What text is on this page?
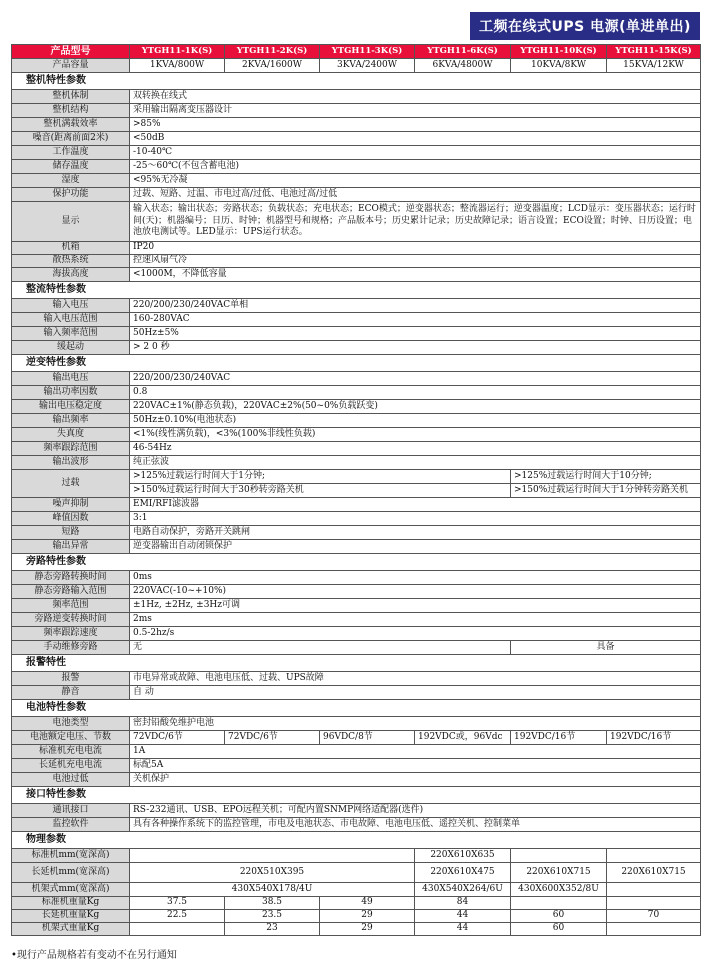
工频在线式UPS 电源(单进单出)
产品型号	YTGH11-1K(S)	YTGH11-2K(S)	YTGH11-3K(S)	YTGH11-6K(S)	YTGH11-10K(S)	YTGH11-15K(S)
产品容量	1KVA/800W	2KVA/1600W	3KVA/2400W	6KVA/4800W	10KVA/8KW	15KVA/12KW
整机特性参数						
整机体制	双转换在线式					
整机结构	采用输出隔离变压器设计					
整机满载效率	>85%					
噪音(距离前面2米)	<50dB					
工作温度	-10-40℃					
储存温度	-25～60℃(不包含蓄电池)					
湿度	<95%无冷凝					
保护功能	过载、短路、过温、市电过高/过低、电池过高/过低					
显示	输入状态；输出状态；旁路状态；负载状态；充电状态；ECO模式；逆变器状态；整流器运行；逆变器温度；LCD显示：变压器状态；运行时间(天)；机器编号；日历、时钟；机器型号和规格；产品版本号；历史累计记录；历史故障记录；语言设置；ECO设置；时钟、日历设置；电池放电测试等。LED显示：UPS运行状态。					
机箱	IP20					
散热系统	控速风扇气冷					
海拔高度	<1000M，不降低容量					
整流特性参数						
输入电压	220/200/230/240VAC单相					
输入电压范围	160-280VAC					
输入频率范围	50Hz±5%					
缓起动	> 2 0 秒					
逆变特性参数						
输出电压	220/200/230/240VAC					
输出功率因数	0.8					
输出电压稳定度	220VAC±1%(静态负载)，220VAC±2%(50~0%负载跃变)					
输出频率	50Hz±0.10%(电池状态)					
失真度	<1%(线性满负载)，<3%(100%非线性负载)					
频率跟踪范围	46-54Hz					
输出波形	纯正弦波					
过载	>125%过载运行时间大于1分钟;				>125%过载运行时间大于10分钟;	
	>150%过载运行时间大于30秒转旁路关机				>150%过载运行时间大于1分钟转旁路关机	
噪声抑制	EMI/RFI滤波器					
峰值因数	3:1					
短路	电路自动保护，旁路开关跳闸					
输出异常	逆变器输出自动闭锁保护					
旁路特性参数						
静态旁路转换时间	0ms					
静态旁路输入范围	220VAC(-10~+10%)					
频率范围	±1Hz, ±2Hz, ±3Hz可调					
旁路逆变转换时间	2ms					
频率跟踪速度	0.5-2hz/s					
手动维修旁路	无				具备	
报警特性						
报警	市电异常或故障、电池电压低、过载、UPS故障					
静音	自 动					
电池特性参数						
电池类型	密封铅酸免维护电池					
电池额定电压、节数	72VDC/6节	72VDC/6节	96VDC/8节	192VDC或，96Vdc	192VDC/16节	192VDC/16节
标准机充电电流	1A					
长延机充电电流	标配5A					
电池过低	关机保护					
接口特性参数						
通讯接口	RS-232通讯、USB、EPO远程关机；可配内置SNMP网络适配器(选件)					
监控软件	具有各种操作系统下的监控管理，市电及电池状态、市电故障、电池电压低、遥控关机、控制菜单					
物理参数						
标准机mm(宽深高)				220X610X635		
长延机mm(宽深高)	220X510X395			220X610X475	220X610X715	220X610X715
机架式mm(宽深高)	430X540X178/4U			430X540X264/6U	430X600X352/8U	
标准机重量Kg	37.5	38.5	49	84		
长延机重量Kg	22.5	23.5	29	44	60	70
机架式重量Kg		23	29	44	60	
•现行产品规格若有变动不在另行通知
